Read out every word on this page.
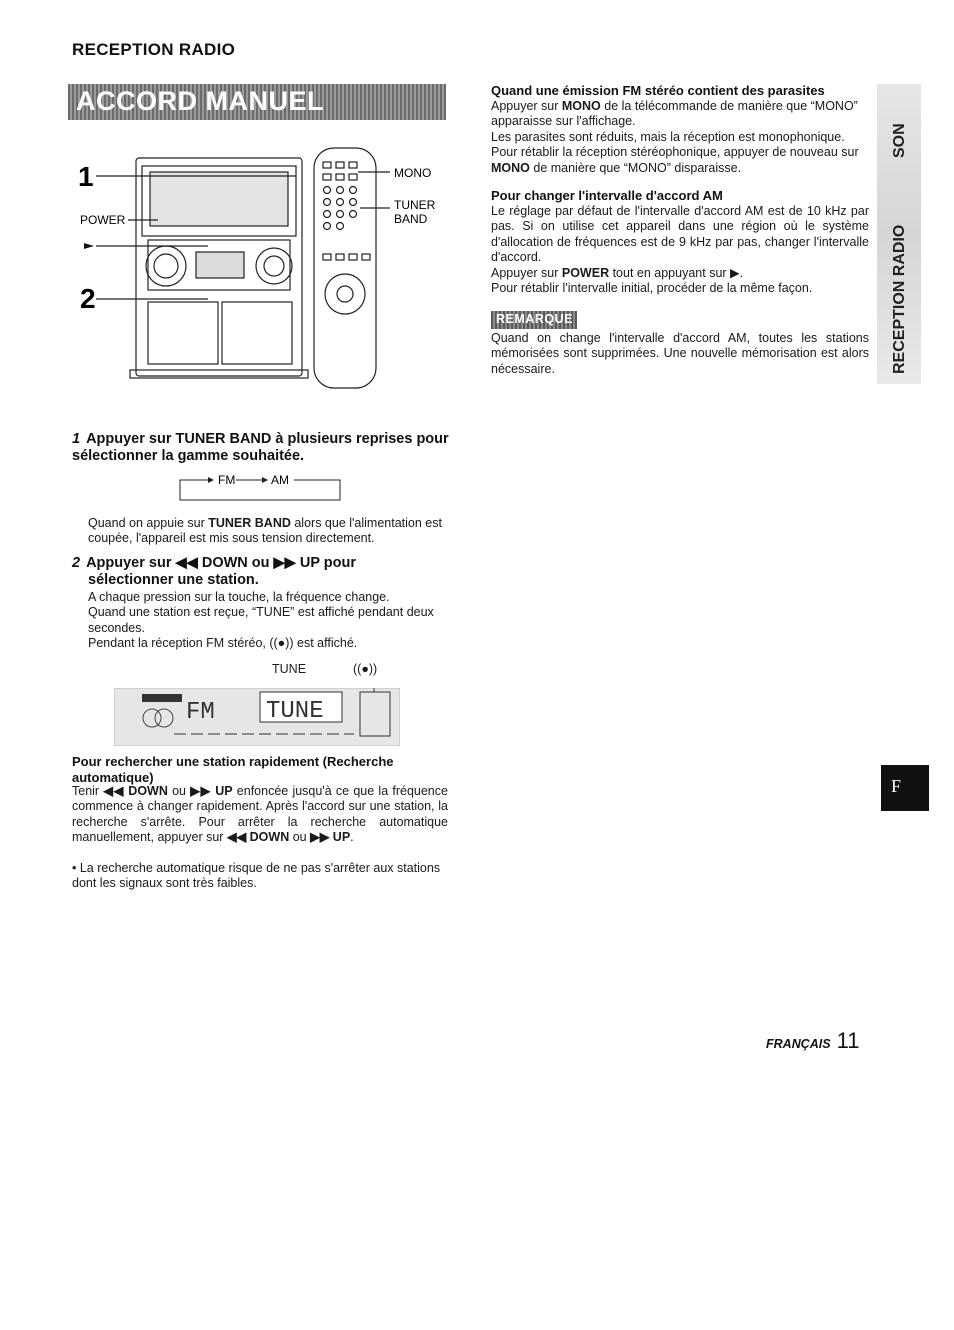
RECEPTION RADIO
ACCORD MANUEL
1
2
POWER
MONO
TUNER
BAND
1 Appuyer sur TUNER BAND à plusieurs reprises pour sélectionner la gamme souhaitée.
FM	AM
Quand on appuie sur TUNER BAND alors que l'alimentation est coupée, l'appareil est mis sous tension directement.
2 Appuyer sur ◀◀ DOWN ou ▶▶ UP pour
sélectionner une station.
A chaque pression sur la touche, la fréquence change.
Quand une station est reçue, “TUNE” est affiché pendant deux secondes.
Pendant la réception FM stéréo, ((●)) est affiché.
TUNE	((●))
FM TUNE
Pour rechercher une station rapidement (Recherche automatique)
Tenir ◀◀ DOWN ou ▶▶ UP enfoncée jusqu'à ce que la fréquence commence à changer rapidement. Après l'accord sur une station, la recherche s'arrête. Pour arrêter la recherche automatique manuellement, appuyer sur ◀◀ DOWN ou ▶▶ UP.
• La recherche automatique risque de ne pas s'arrêter aux stations dont les signaux sont très faibles.
Quand une émission FM stéréo contient des parasites
Appuyer sur MONO de la télécommande de manière que “MONO” apparaisse sur l'affichage.
Les parasites sont réduits, mais la réception est monophonique.
Pour rétablir la réception stéréophonique, appuyer de nouveau sur MONO de manière que “MONO” disparaisse.
Pour changer l'intervalle d'accord AM
Le réglage par défaut de l'intervalle d'accord AM est de 10 kHz par pas. Si on utilise cet appareil dans une région où le système d'allocation de fréquences est de 9 kHz par pas, changer l'intervalle d'accord.
Appuyer sur POWER tout en appuyant sur ▶.
Pour rétablir l'intervalle initial, procéder de la même façon.
REMARQUE
Quand on change l'intervalle d'accord AM, toutes les stations mémorisées sont supprimées. Une nouvelle mémorisation est alors nécessaire.
SON
RECEPTION RADIO
F
FRANÇAIS 11
